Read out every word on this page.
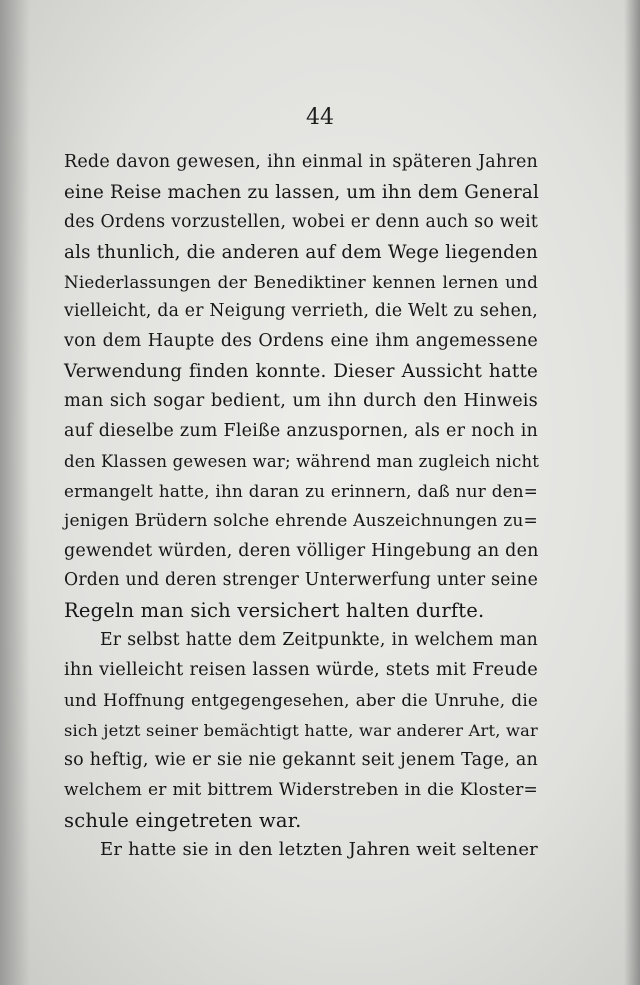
44
Rede davon gewesen, ihn einmal in späteren Jahren
eine Reise machen zu lassen, um ihn dem General
des Ordens vorzustellen, wobei er denn auch so weit
als thunlich, die anderen auf dem Wege liegenden
Niederlassungen der Benediktiner kennen lernen und
vielleicht, da er Neigung verrieth, die Welt zu sehen,
von dem Haupte des Ordens eine ihm angemessene
Verwendung finden konnte. Dieser Aussicht hatte
man sich sogar bedient, um ihn durch den Hinweis
auf dieselbe zum Fleiße anzuspornen, als er noch in
den Klassen gewesen war; während man zugleich nicht
ermangelt hatte, ihn daran zu erinnern, daß nur den=
jenigen Brüdern solche ehrende Auszeichnungen zu=
gewendet würden, deren völliger Hingebung an den
Orden und deren strenger Unterwerfung unter seine
Regeln man sich versichert halten durfte.
Er selbst hatte dem Zeitpunkte, in welchem man
ihn vielleicht reisen lassen würde, stets mit Freude
und Hoffnung entgegengesehen, aber die Unruhe, die
sich jetzt seiner bemächtigt hatte, war anderer Art, war
so heftig, wie er sie nie gekannt seit jenem Tage, an
welchem er mit bittrem Widerstreben in die Kloster=
schule eingetreten war.
Er hatte sie in den letzten Jahren weit seltener
